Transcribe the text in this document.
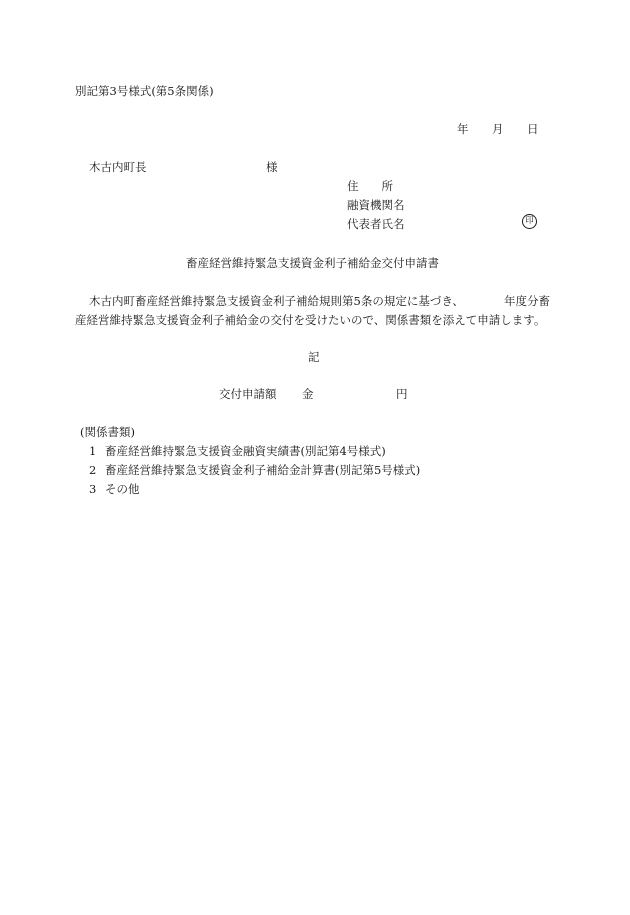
別記第3号様式(第5条関係)
年 月 日
木古内町長	様
住　　所
融資機関名
代表者氏名	印
畜産経営維持緊急支援資金利子補給金交付申請書
木古内町畜産経営維持緊急支援資金利子補給規則第5条の規定に基づき、	年度分畜
産経営維持緊急支援資金利子補給金の交付を受けたいので、関係書類を添えて申請します。
記
交付申請額 金	円
(関係書類)
1 畜産経営維持緊急支援資金融資実績書(別記第4号様式)
2 畜産経営維持緊急支援資金利子補給金計算書(別記第5号様式)
3 その他
